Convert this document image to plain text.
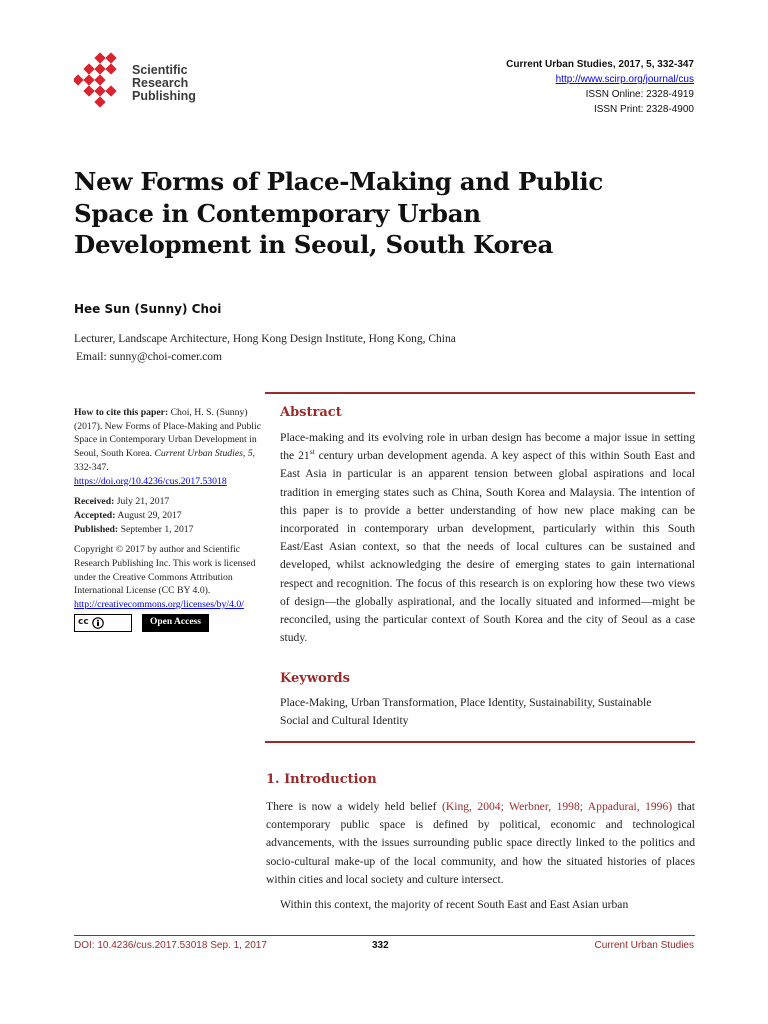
Scientific
Research
Publishing
Current Urban Studies, 2017, 5, 332-347
http://www.scirp.org/journal/cus
ISSN Online: 2328-4919
ISSN Print: 2328-4900
New Forms of Place-Making and Public Space in Contemporary Urban Development in Seoul, South Korea
Hee Sun (Sunny) Choi
Lecturer, Landscape Architecture, Hong Kong Design Institute, Hong Kong, China
Email: sunny@choi-comer.com
How to cite this paper: Choi, H. S. (Sunny) (2017). New Forms of Place-Making and Public Space in Contemporary Urban Development in Seoul, South Korea. Current Urban Studies, 5, 332-347.
https://doi.org/10.4236/cus.2017.53018
Received: July 21, 2017
Accepted: August 29, 2017
Published: September 1, 2017
Copyright © 2017 by author and Scientific Research Publishing Inc. This work is licensed under the Creative Commons Attribution International License (CC BY 4.0).
http://creativecommons.org/licenses/by/4.0/
cc	Open Access
Abstract
Place-making and its evolving role in urban design has become a major issue in setting the 21st century urban development agenda. A key aspect of this within South East and East Asia in particular is an apparent tension between global aspirations and local tradition in emerging states such as China, South Korea and Malaysia. The intention of this paper is to provide a better understanding of how new place making can be incorporated in contemporary urban development, particularly within this South East/East Asian context, so that the needs of local cultures can be sustained and developed, whilst acknowledging the desire of emerging states to gain international respect and recognition. The focus of this research is on exploring how these two views of design—the globally aspirational, and the locally situated and informed—might be reconciled, using the particular context of South Korea and the city of Seoul as a case study.
Keywords
Place-Making, Urban Transformation, Place Identity, Sustainability, Sustainable Social and Cultural Identity
1. Introduction
There is now a widely held belief (King, 2004; Werbner, 1998; Appadurai, 1996) that contemporary public space is defined by political, economic and technological advancements, with the issues surrounding public space directly linked to the politics and socio-cultural make-up of the local community, and how the situated histories of places within cities and local society and culture intersect.
Within this context, the majority of recent South East and East Asian urban
DOI: 10.4236/cus.2017.53018 Sep. 1, 2017	332	Current Urban Studies
